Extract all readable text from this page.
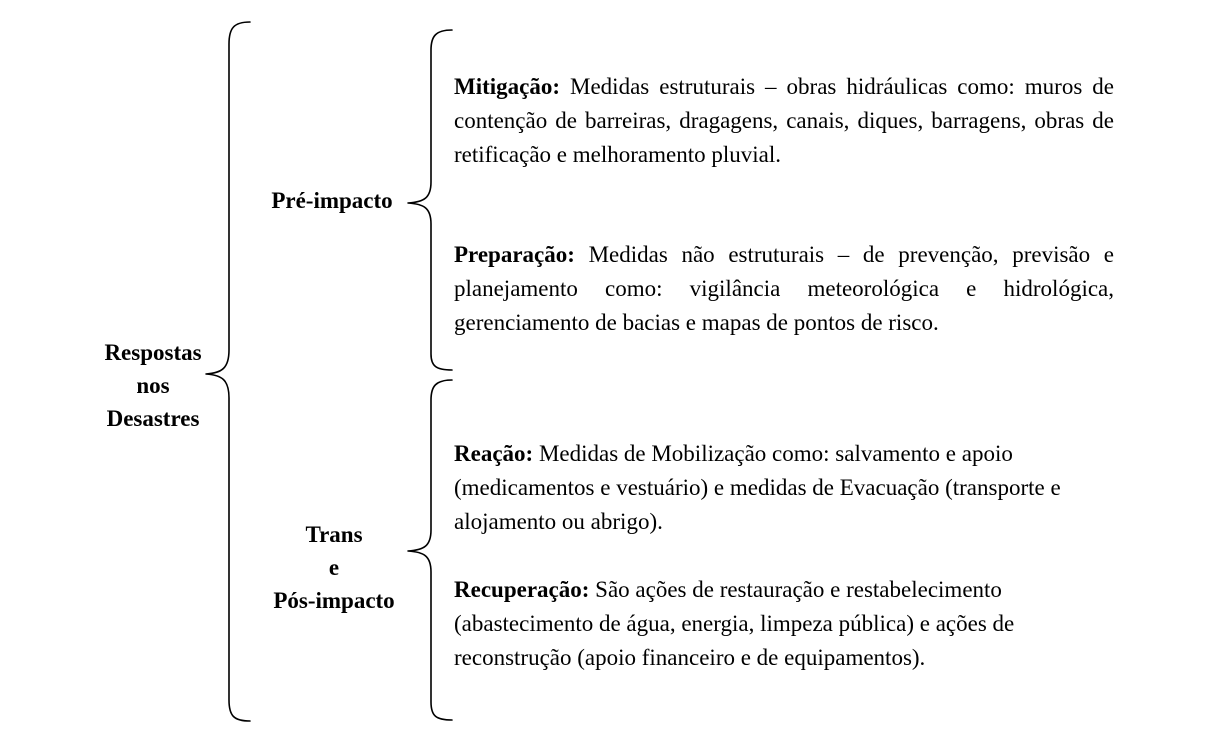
Respostas
nos
Desastres
Pré-impacto
Trans
e
Pós-impacto
Mitigação: Medidas estruturais – obras hidráulicas como: muros de contenção de barreiras, dragagens, canais, diques, barragens, obras de retificação e melhoramento pluvial.
Preparação: Medidas não estruturais – de prevenção, previsão e planejamento como: vigilância meteorológica e hidrológica, gerenciamento de bacias e mapas de pontos de risco.
Reação: Medidas de Mobilização como: salvamento e apoio (medicamentos e vestuário) e medidas de Evacuação (transporte e alojamento ou abrigo).
Recuperação: São ações de restauração e restabelecimento (abastecimento de água, energia, limpeza pública) e ações de reconstrução (apoio financeiro e de equipamentos).
